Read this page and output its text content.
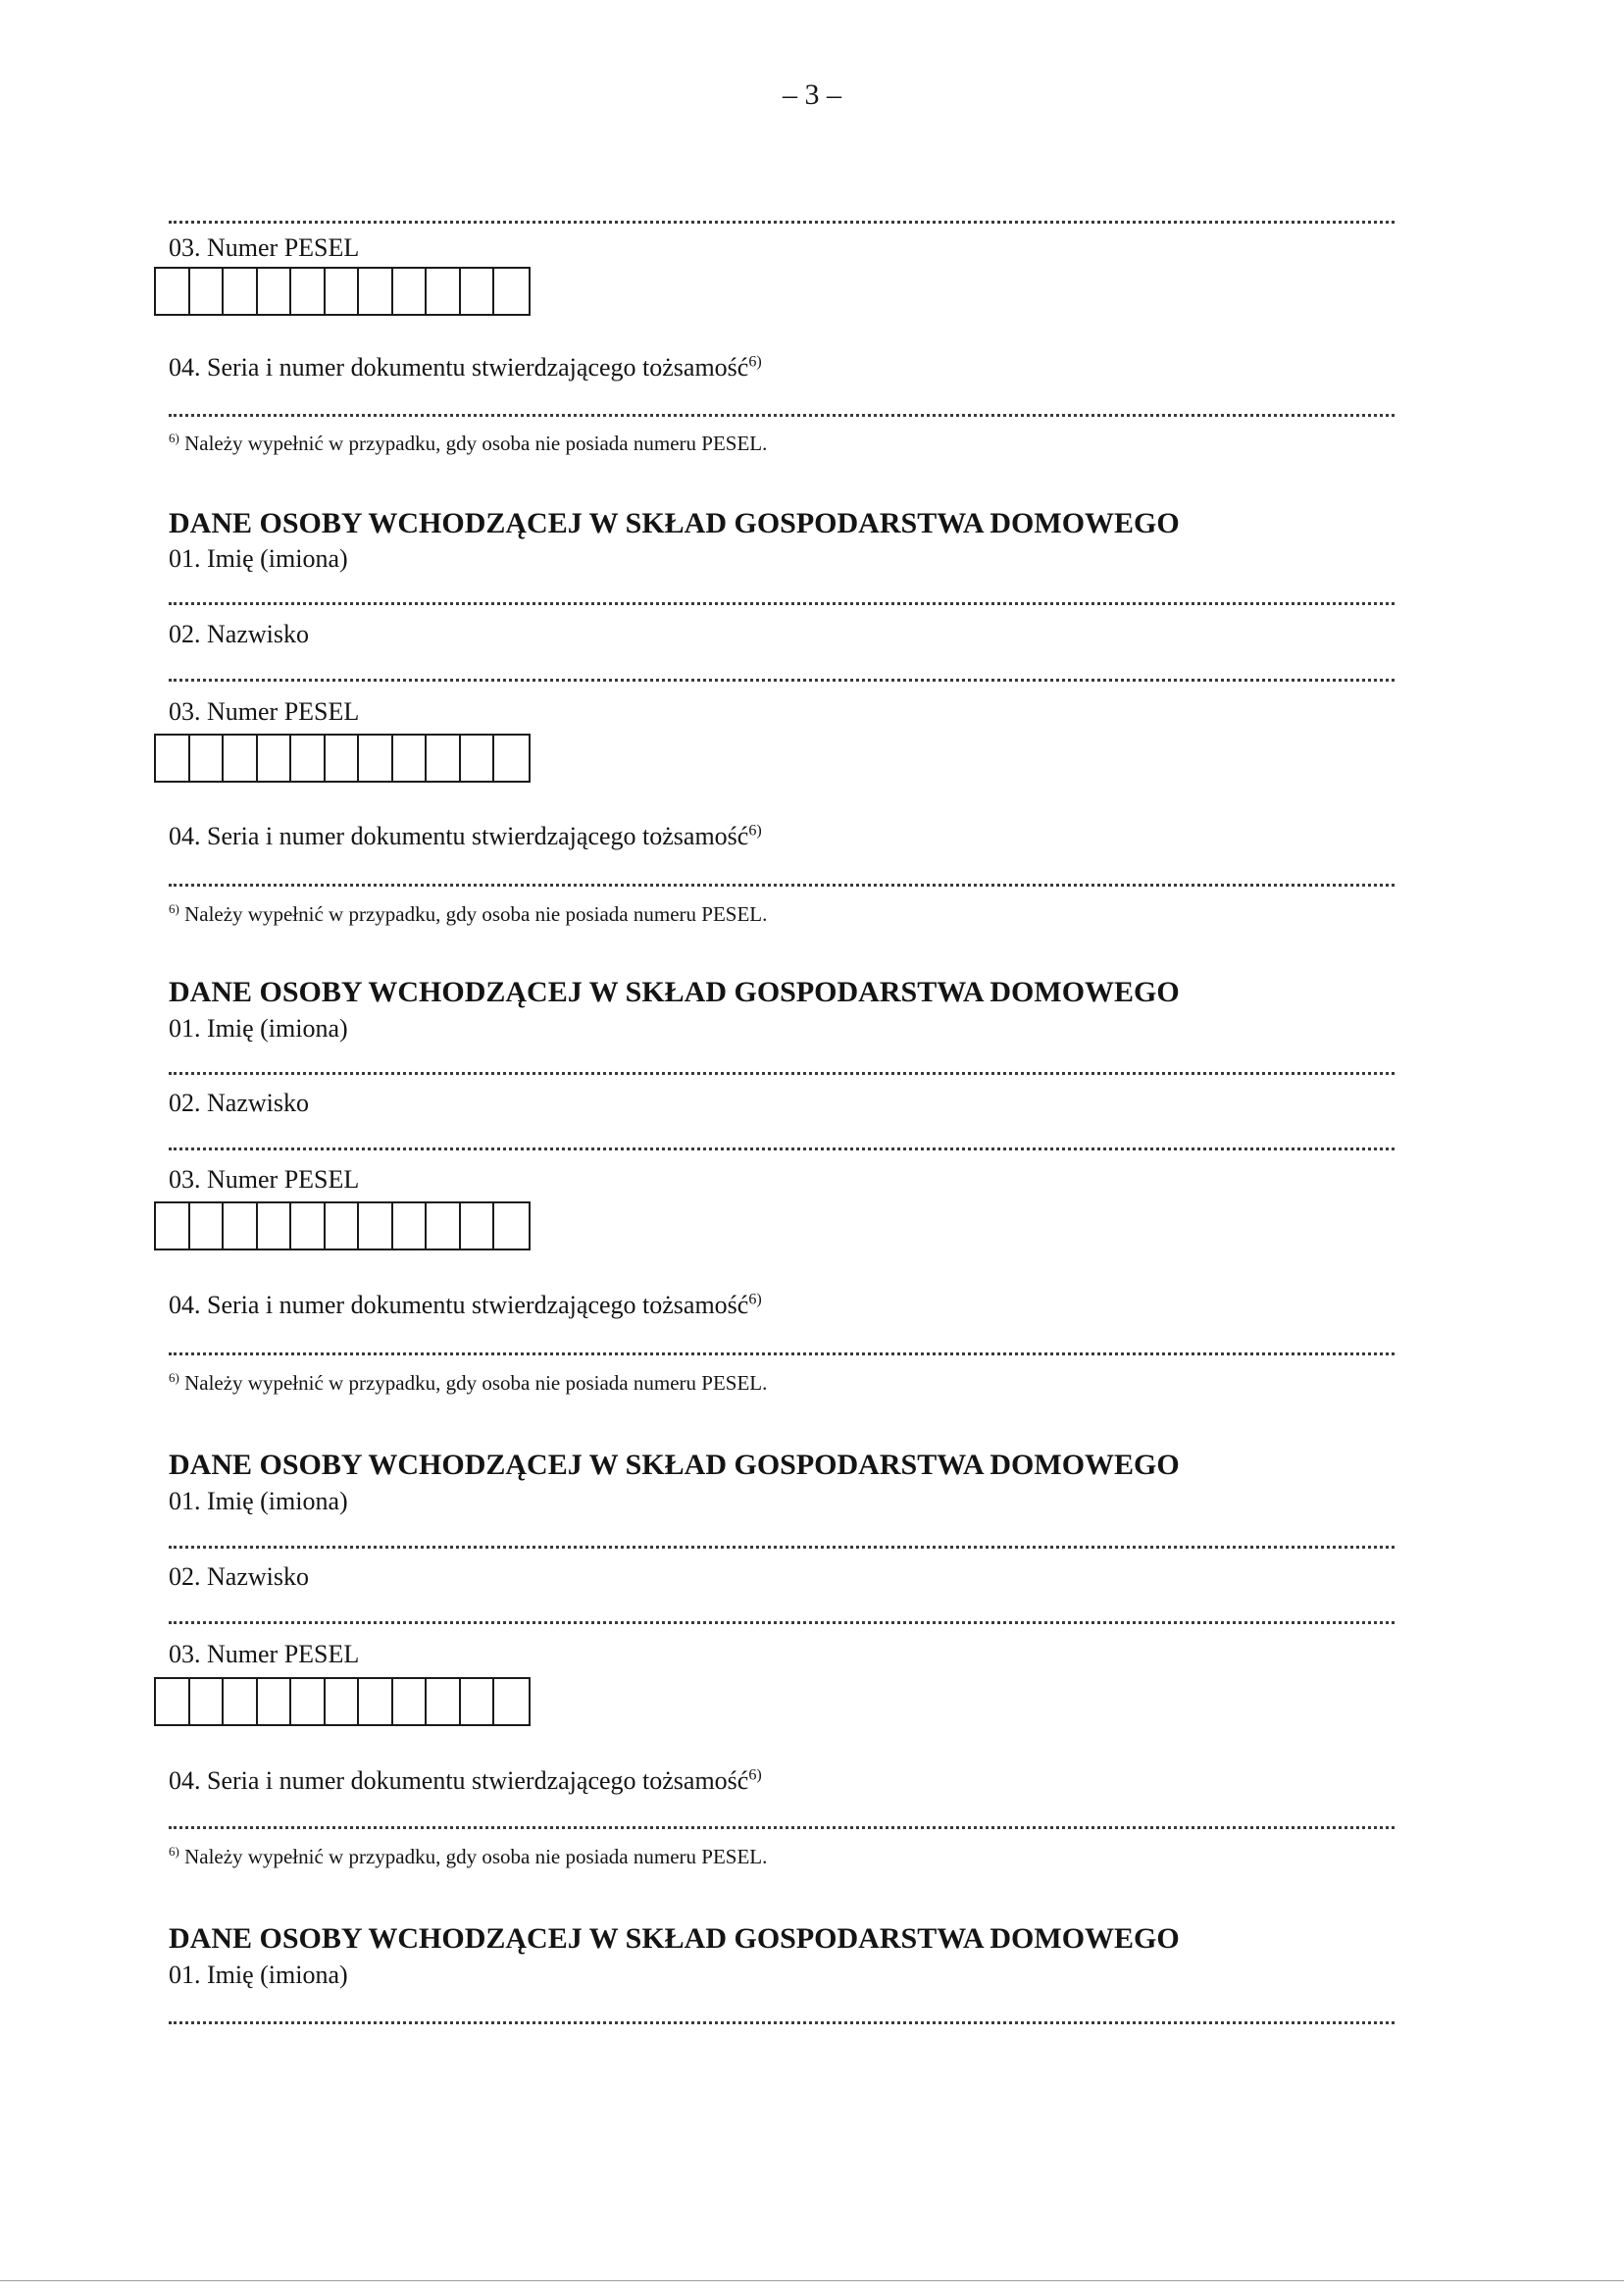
– 3 –
03. Numer PESEL
04. Seria i numer dokumentu stwierdzającego tożsamość$^{6)}$
$^{6)}$ Należy wypełnić w przypadku, gdy osoba nie posiada numeru PESEL.
DANE OSOBY WCHODZĄCEJ W SKŁAD GOSPODARSTWA DOMOWEGO
01. Imię (imiona)
02. Nazwisko
03. Numer PESEL
04. Seria i numer dokumentu stwierdzającego tożsamość$^{6)}$
$^{6)}$ Należy wypełnić w przypadku, gdy osoba nie posiada numeru PESEL.
DANE OSOBY WCHODZĄCEJ W SKŁAD GOSPODARSTWA DOMOWEGO
01. Imię (imiona)
02. Nazwisko
03. Numer PESEL
04. Seria i numer dokumentu stwierdzającego tożsamość$^{6)}$
$^{6)}$ Należy wypełnić w przypadku, gdy osoba nie posiada numeru PESEL.
DANE OSOBY WCHODZĄCEJ W SKŁAD GOSPODARSTWA DOMOWEGO
01. Imię (imiona)
02. Nazwisko
03. Numer PESEL
04. Seria i numer dokumentu stwierdzającego tożsamość$^{6)}$
$^{6)}$ Należy wypełnić w przypadku, gdy osoba nie posiada numeru PESEL.
DANE OSOBY WCHODZĄCEJ W SKŁAD GOSPODARSTWA DOMOWEGO
01. Imię (imiona)
